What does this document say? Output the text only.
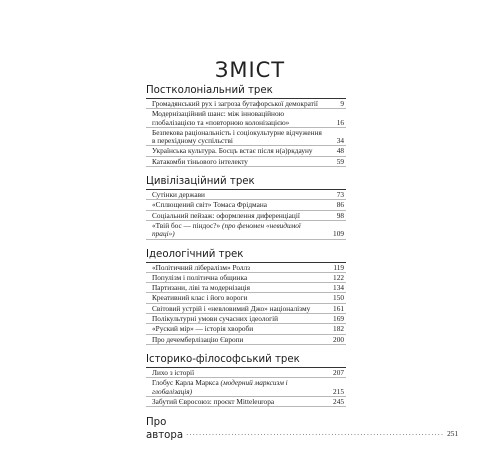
ЗМІСТ
Постколоніальний трек
Громадянський рух і загроза бутафорської демократії	9
Модернізаційний шанс: між інноваційною глобалізацією та «повторною колонізацією»	16
Безпекова раціональність і соціокультурне відчуження в перехідному суспільстві	34
Українська культура. Босцъ встає після н(а)ркдауну	48
Катакомби тіньового інтелекту	59
Цивілізаційний трек
Сутінки держави	73
«Сплющений світ» Томаса Фрідмана	86
Соціальний пейзаж: оформлення диференціації	98
«Твій бос — піндос?» (про феномен «невидимої праці»)	109
Ідеологічний трек
«Політичний лібералізм» Роллз	119
Популізм і політична общинка	122
Партизани, ліві та модернізація	134
Креативний клас і його вороги	150
Світовий устрій і «невловимий Джо» націоналізму	161
Полікультурні умови сучасних ідеологій	169
«Руский мір» — історія хвороби	182
Про дечемберлізацію Європи	200
Історико-філософський трек
Лихо з історії	207
Глобус Карла Маркса (модерний марксизм і глобалізація)	215
Забутий Євросоюз: проєкт Mitteleuropa	245
Про автора ................................................................................ 251
